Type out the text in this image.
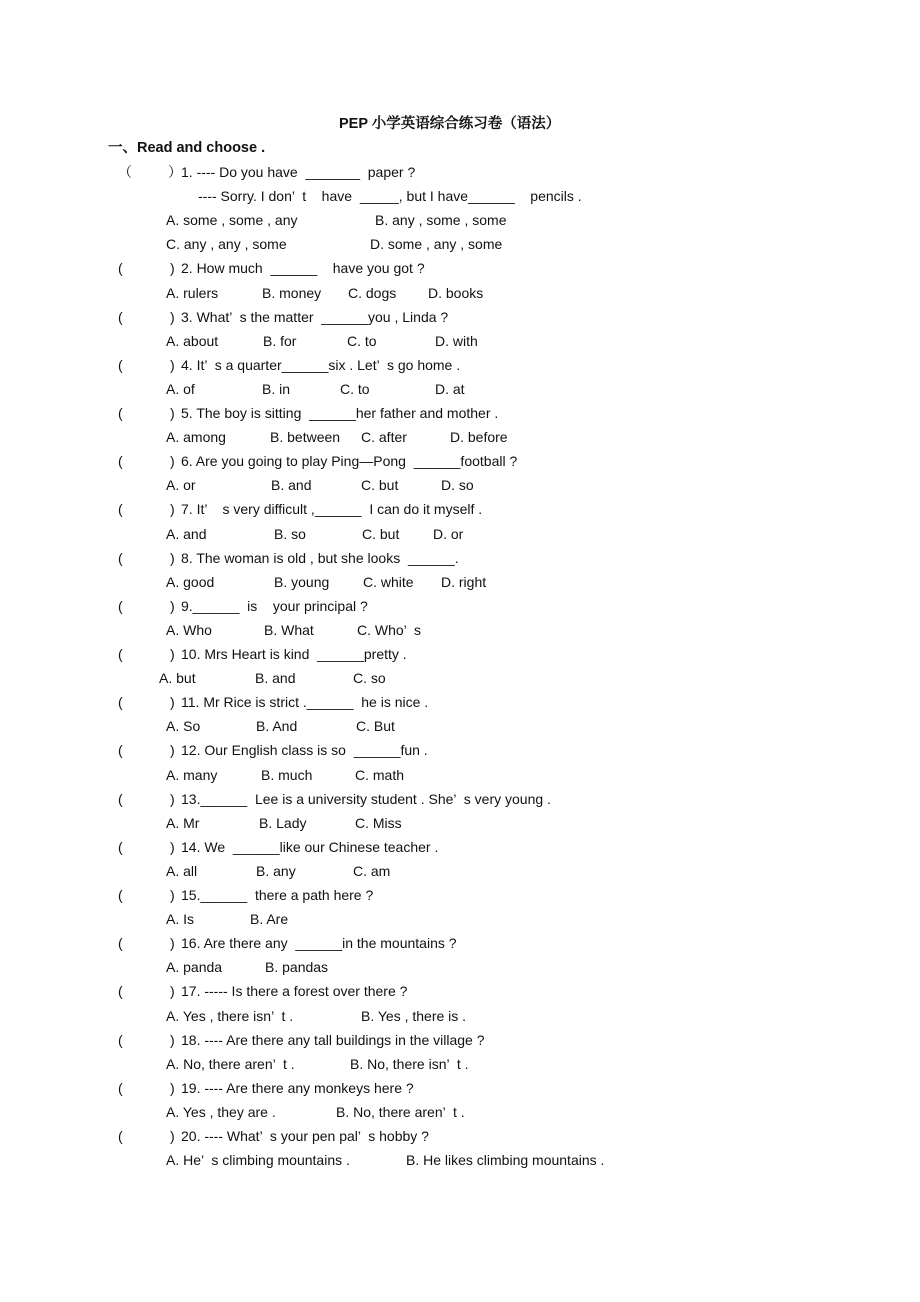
PEP 小学英语综合练习卷（语法）
一、Read and choose .
（	） 1. ---- Do you have  _______  paper ?
---- Sorry. I don’  t    have  _____, but I have______    pencils .
A. some , some , any	B. any , some , some
C. any , any , some	D. some , any , some
(	) 2. How much  ______    have you got ?
A. rulers	B. money C. dogs D. books
(	) 3. What’  s the matter  ______you , Linda ?
A. about	B. for	C. to	D. with
(	) 4. It’  s a quarter______six . Let’  s go home .
A. of	B. in	C. to	D. at
(	) 5. The boy is sitting  ______her father and mother .
A. among	B. between C. after	D. before
(	) 6. Are you going to play Ping—Pong  ______football ?
A. or	B. and	C. but	D. so
(	) 7. It’    s very difficult ,______  I can do it myself .
A. and	B. so	C. but D. or
(	) 8. The woman is old , but she looks  ______.
A. good	B. young C. white D. right
(	) 9.______  is    your principal ?
A. Who	B. What	C. Who’  s
(	) 10. Mrs Heart is kind  ______pretty .
A. but	B. and	C. so
(	) 11. Mr Rice is strict .______  he is nice .
A. So	B. And	C. But
(	) 12. Our English class is so  ______fun .
A. many	B. much	C. math
(	) 13.______  Lee is a university student . She’  s very young .
A. Mr	B. Lady	C. Miss
(	) 14. We  ______like our Chinese teacher .
A. all	B. any	C. am
(	) 15.______  there a path here ?
A. Is	B. Are
(	) 16. Are there any  ______in the mountains ?
A. panda	B. pandas
(	) 17. ----- Is there a forest over there ?
A. Yes , there isn’  t .	B. Yes , there is .
(	) 18. ---- Are there any tall buildings in the village ?
A. No, there aren’  t .	B. No, there isn’  t .
(	) 19. ---- Are there any monkeys here ?
A. Yes , they are .	B. No, there aren’  t .
(	) 20. ---- What’  s your pen pal’  s hobby ?
A. He’  s climbing mountains .	B. He likes climbing mountains .
